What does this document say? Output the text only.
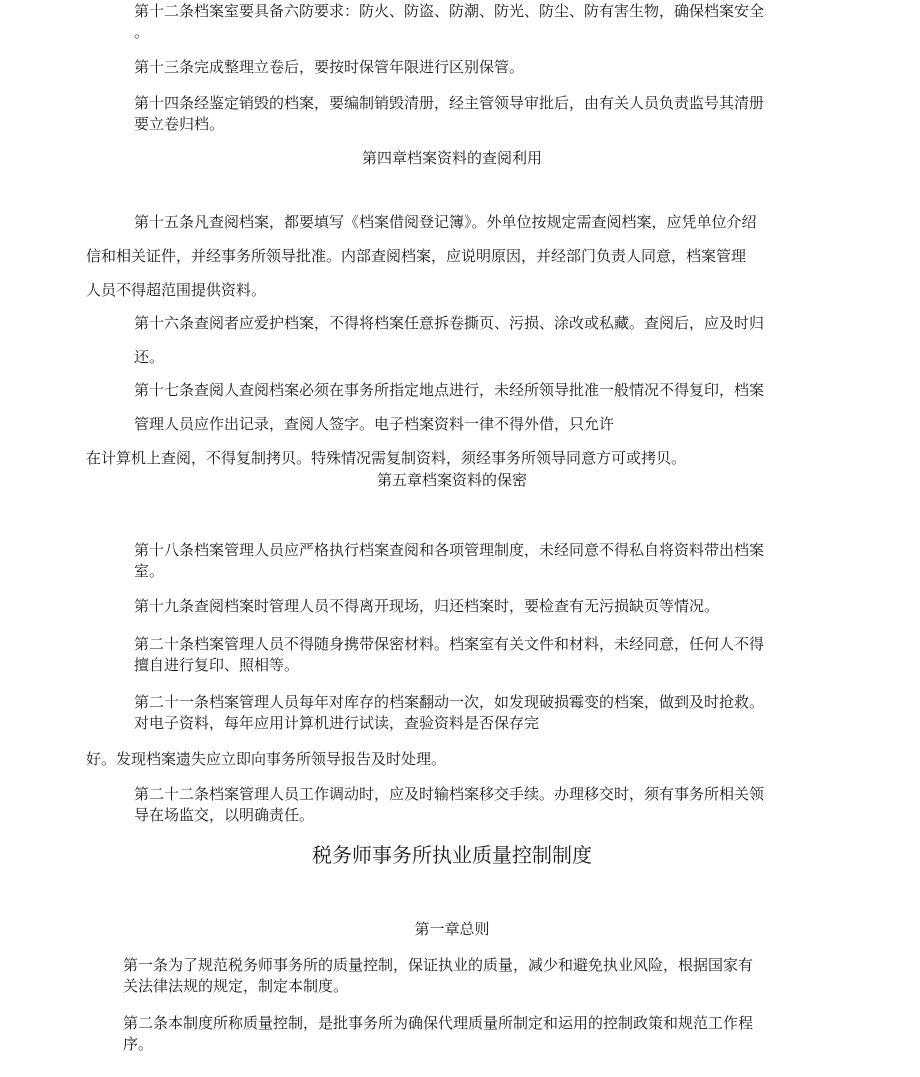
第十二条档案室要具备六防要求：防火、防盗、防潮、防光、防尘、防有害生物，确保档案安全

。

第十三条完成整理立卷后，要按时保管年限进行区别保管。

第十四条经鉴定销毁的档案，要编制销毁清册，经主管领导审批后，由有关人员负责监号其清册

要立卷归档。

第四章档案资料的查阅利用

第十五条凡查阅档案，都要填写《档案借阅登记簿》。外单位按规定需查阅档案，应凭单位介绍

信和相关证件，并经事务所领导批准。内部查阅档案，应说明原因，并经部门负责人同意，档案管理

人员不得超范围提供资料。

第十六条查阅者应爱护档案，不得将档案任意拆卷撕页、污损、涂改或私藏。查阅后，应及时归

还。

第十七条查阅人查阅档案必须在事务所指定地点进行，未经所领导批准一般情况不得复印，档案

管理人员应作出记录，查阅人签字。电子档案资料一律不得外借，只允许

在计算机上查阅，不得复制拷贝。特殊情况需复制资料，须经事务所领导同意方可或拷贝。

第五章档案资料的保密

第十八条档案管理人员应严格执行档案查阅和各项管理制度，未经同意不得私自将资料带出档案

室。

第十九条查阅档案时管理人员不得离开现场，归还档案时，要检查有无污损缺页等情况。

第二十条档案管理人员不得随身携带保密材料。档案室有关文件和材料，未经同意，任何人不得

擅自进行复印、照相等。

第二十一条档案管理人员每年对库存的档案翻动一次，如发现破损霉变的档案，做到及时抢救。

对电子资料，每年应用计算机进行试读，查验资料是否保存完

好。发现档案遗失应立即向事务所领导报告及时处理。

第二十二条档案管理人员工作调动时，应及时输档案移交手续。办理移交时，须有事务所相关领

导在场监交，以明确责任。

税务师事务所执业质量控制制度
第一章总则

第一条为了规范税务师事务所的质量控制，保证执业的质量，减少和避免执业风险，根据国家有

关法律法规的规定，制定本制度。

第二条本制度所称质量控制，是批事务所为确保代理质量所制定和运用的控制政策和规范工作程

序。
